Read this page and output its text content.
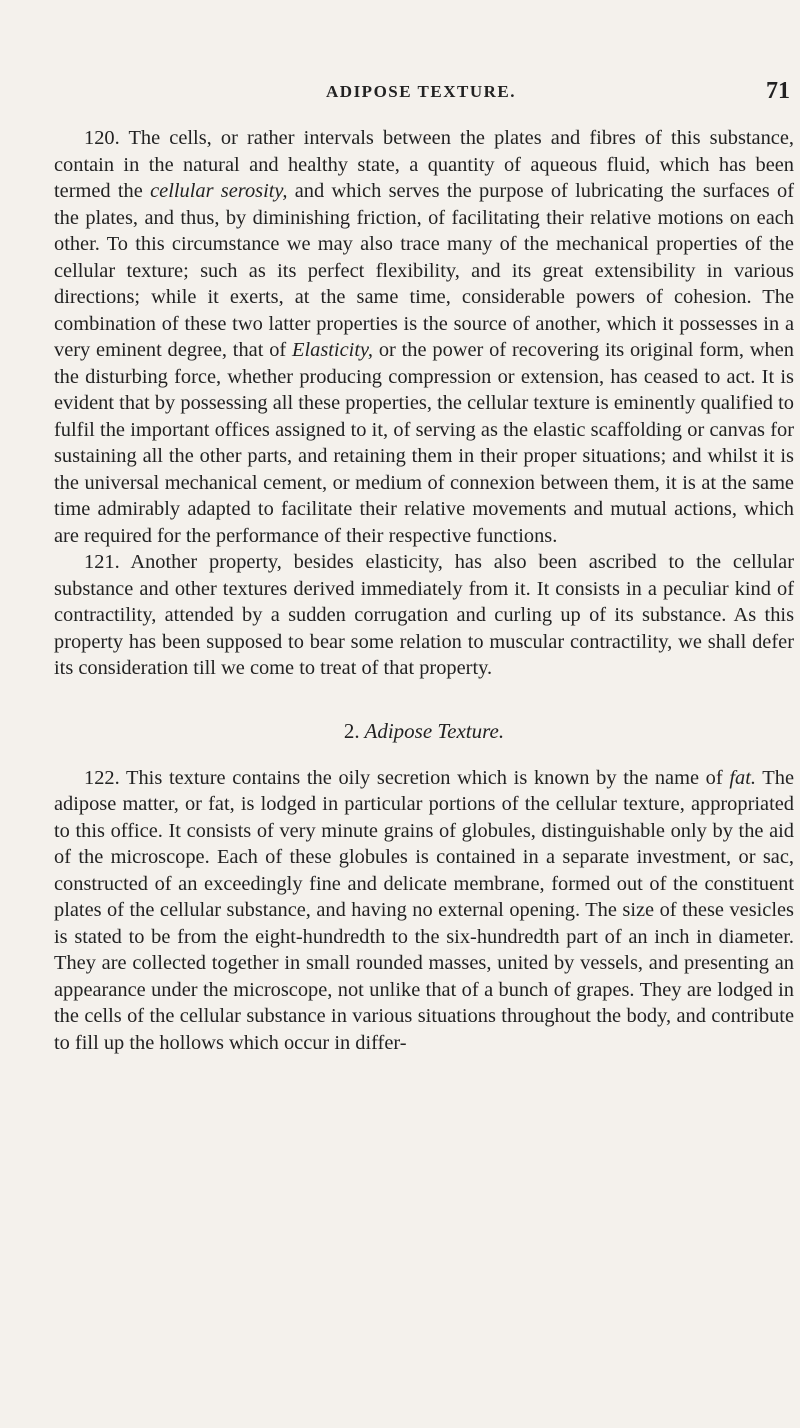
ADIPOSE TEXTURE.	71

120. The cells, or rather intervals between the plates and fibres of this substance, contain in the natural and healthy state, a quantity of aqueous fluid, which has been termed the cellular serosity, and which serves the purpose of lubricating the surfaces of the plates, and thus, by diminishing friction, of facilitating their relative motions on each other. To this circumstance we may also trace many of the mechanical properties of the cellular texture; such as its perfect flexibility, and its great extensibility in various directions; while it exerts, at the same time, considerable powers of cohesion. The combination of these two latter properties is the source of another, which it possesses in a very eminent degree, that of Elasticity, or the power of recovering its original form, when the disturbing force, whether producing compression or extension, has ceased to act. It is evident that by possessing all these properties, the cellular texture is eminently qualified to fulfil the important offices assigned to it, of serving as the elastic scaffolding or canvas for sustaining all the other parts, and retaining them in their proper situations; and whilst it is the universal mechanical cement, or medium of connexion between them, it is at the same time admirably adapted to facilitate their relative movements and mutual actions, which are required for the performance of their respective functions.

121. Another property, besides elasticity, has also been ascribed to the cellular substance and other textures derived immediately from it. It consists in a peculiar kind of contractility, attended by a sudden corrugation and curling up of its substance. As this property has been supposed to bear some relation to muscular contractility, we shall defer its consideration till we come to treat of that property.

2. Adipose Texture.

122. This texture contains the oily secretion which is known by the name of fat. The adipose matter, or fat, is lodged in particular portions of the cellular texture, appropriated to this office. It consists of very minute grains of globules, distinguishable only by the aid of the microscope. Each of these globules is contained in a separate investment, or sac, constructed of an exceedingly fine and delicate membrane, formed out of the constituent plates of the cellular substance, and having no external opening. The size of these vesicles is stated to be from the eight-hundredth to the six-hundredth part of an inch in diameter. They are collected together in small rounded masses, united by vessels, and presenting an appearance under the microscope, not unlike that of a bunch of grapes. They are lodged in the cells of the cellular substance in various situations throughout the body, and contribute to fill up the hollows which occur in differ-
